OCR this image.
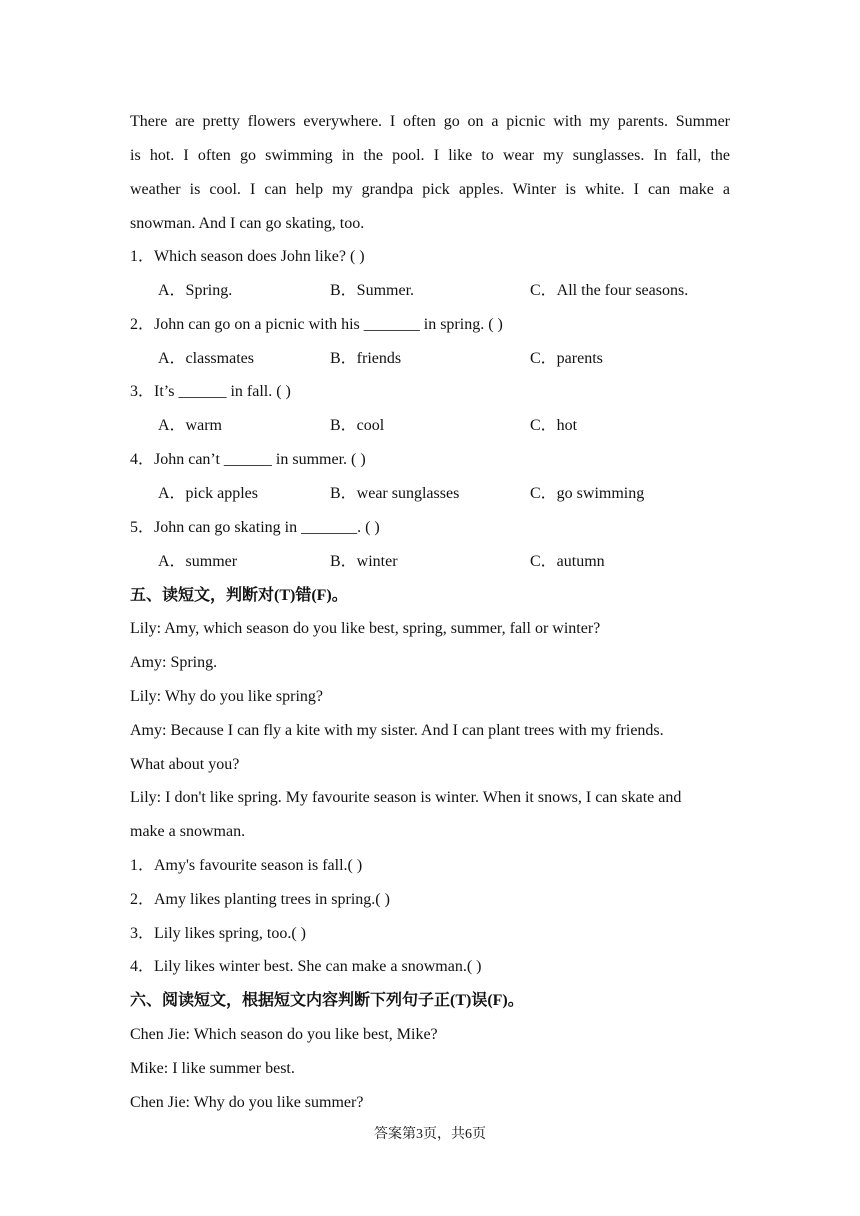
There are pretty flowers everywhere. I often go on a picnic with my parents. Summer
is hot. I often go swimming in the pool. I like to wear my sunglasses. In fall, the
weather is cool. I can help my grandpa pick apples. Winter is white. I can make a
snowman. And I can go skating, too.
1．Which season does John like? ( )
A．Spring.	B．Summer.	C．All the four seasons.
2．John can go on a picnic with his _______ in spring. ( )
A．classmates	B．friends	C．parents
3．It’s ______ in fall. ( )
A．warm	B．cool	C．hot
4．John can’t ______ in summer. ( )
A．pick apples	B．wear sunglasses	C．go swimming
5．John can go skating in _______. ( )
A．summer	B．winter	C．autumn
五、读短文，判断对(T)错(F)。
Lily: Amy, which season do you like best, spring, summer, fall or winter?
Amy: Spring.
Lily: Why do you like spring?
Amy: Because I can fly a kite with my sister. And I can plant trees with my friends.
What about you?
Lily: I don't like spring. My favourite season is winter. When it snows, I can skate and
make a snowman.
1．Amy's favourite season is fall.( )
2．Amy likes planting trees in spring.( )
3．Lily likes spring, too.( )
4．Lily likes winter best. She can make a snowman.( )
六、阅读短文，根据短文内容判断下列句子正(T)误(F)。
Chen Jie: Which season do you like best, Mike?
Mike: I like summer best.
Chen Jie: Why do you like summer?
答案第3页，共6页
